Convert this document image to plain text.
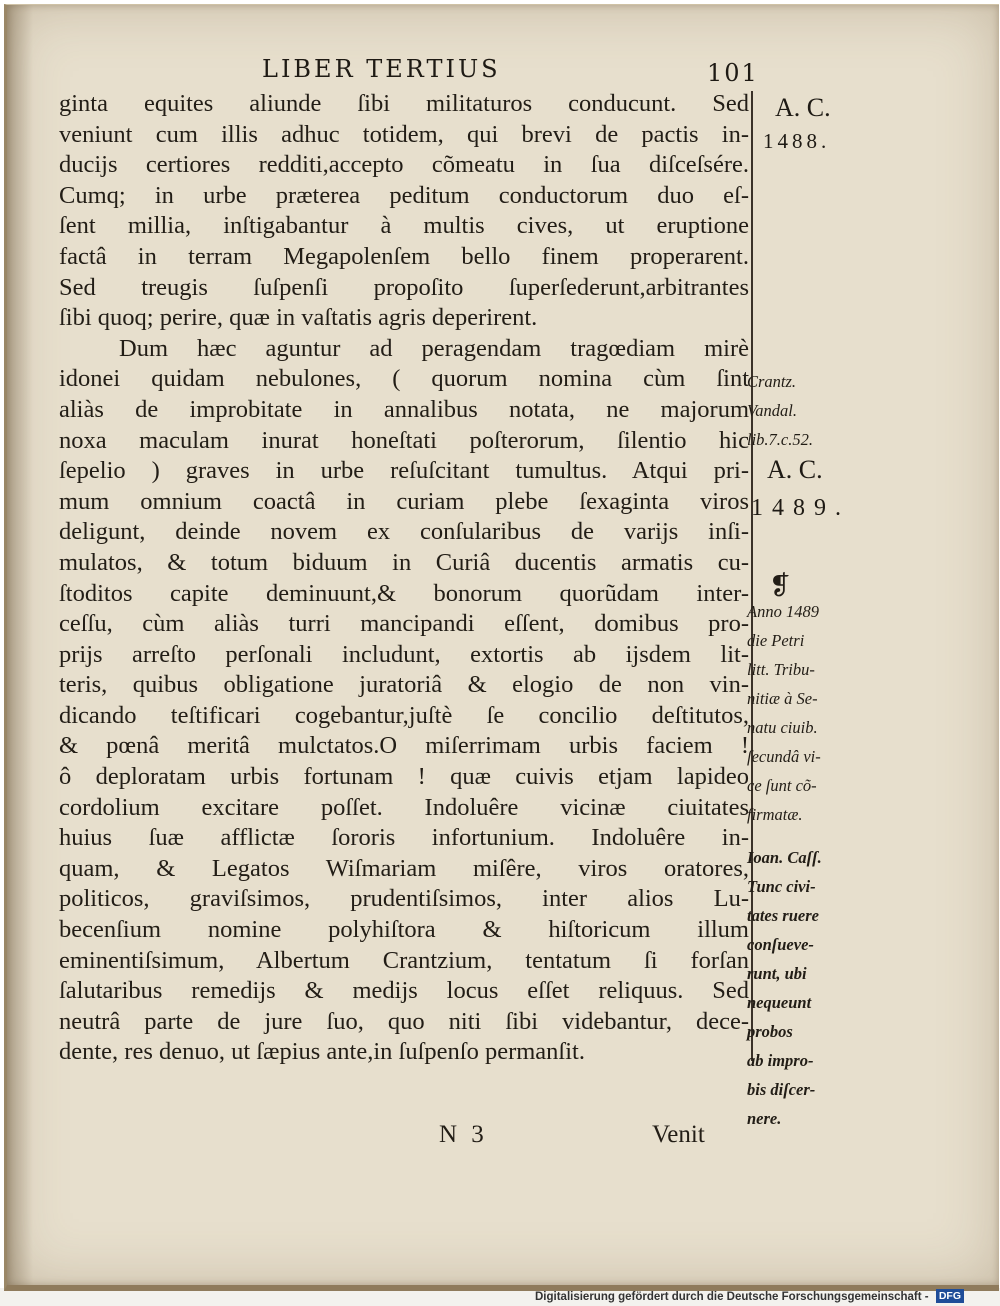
LIBER TERTIUS	101
ginta equites aliunde ſibi militaturos conducunt. Sed
veniunt cum illis adhuc totidem, qui brevi de pactis in-
ducijs certiores redditi,accepto cõmeatu in ſua diſceſsére.
Cumq; in urbe præterea peditum conductorum duo eſ-
ſent millia, inſtigabantur à multis cives, ut eruptione
factâ in terram Megapolenſem bello finem properarent.
Sed treugis ſuſpenſi propoſito ſuperſederunt,arbitrantes
ſibi quoq; perire, quæ in vaſtatis agris deperirent.
Dum hæc aguntur ad peragendam tragœdiam mirè
idonei quidam nebulones, ( quorum nomina cùm ſint
aliàs de improbitate in annalibus notata, ne majorum
noxa maculam inurat honeſtati poſterorum, ſilentio hic
ſepelio ) graves in urbe reſuſcitant tumultus. Atqui pri-
mum omnium coactâ in curiam plebe ſexaginta viros
deligunt, deinde novem ex conſularibus de varijs inſi-
mulatos, & totum biduum in Curiâ ducentis armatis cu-
ſtoditos capite deminuunt,& bonorum quorũdam inter-
ceſſu, cùm aliàs turri mancipandi eſſent, domibus pro-
prijs arreſto perſonali includunt, extortis ab ijsdem lit-
teris, quibus obligatione juratoriâ & elogio de non vin-
dicando teſtificari cogebantur,juſtè ſe concilio deſtitutos,
& pœnâ meritâ mulctatos.O miſerrimam urbis faciem !
ô deploratam urbis fortunam ! quæ cuivis etjam lapideo
cordolium excitare poſſet. Indoluêre vicinæ ciuitates
huius ſuæ afflictæ ſororis infortunium. Indoluêre in-
quam, & Legatos Wiſmariam miſêre, viros oratores,
politicos, graviſsimos, prudentiſsimos, inter alios Lu-
becenſium nomine polyhiſtora & hiſtoricum illum
eminentiſsimum, Albertum Crantzium, tentatum ſi forſan
ſalutaribus remedijs & medijs locus eſſet reliquus. Sed
neutrâ parte de jure ſuo, quo niti ſibi videbantur, dece-
dente, res denuo, ut ſæpius ante,in ſuſpenſo permanſit.
A. C.
1488.
Crantz.
Vandal.
lib.7.c.52.
A. C.
1489.
❡
Anno 1489
die Petri
litt. Tribu-
nitiæ à Se-
natu ciuib.
ſecundâ vi-
ce ſunt cõ-
firmatæ.
Ioan. Caſſ.
Tunc civi-
tates ruere
conſueve-
runt, ubi
nequeunt
probos
ab impro-
bis diſcer-
nere.
N 3	Venit
Digitalisierung gefördert durch die Deutsche Forschungsgemeinschaft - DFG
